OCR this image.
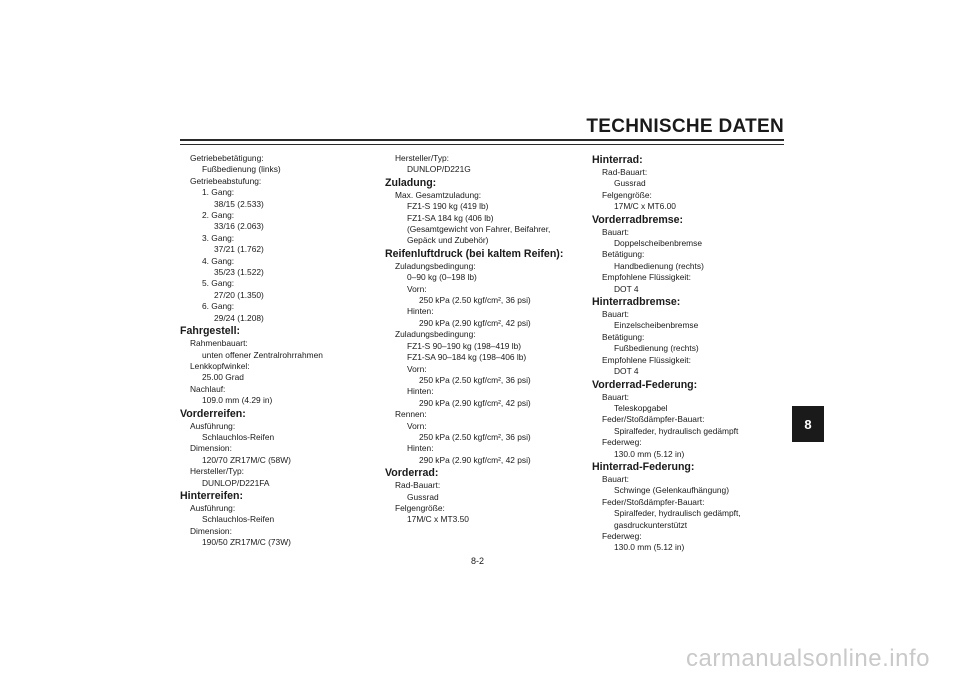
TECHNISCHE DATEN
Getriebebetätigung:
Fußbedienung (links)
Getriebeabstufung:
1. Gang:
38/15 (2.533)
2. Gang:
33/16 (2.063)
3. Gang:
37/21 (1.762)
4. Gang:
35/23 (1.522)
5. Gang:
27/20 (1.350)
6. Gang:
29/24 (1.208)
Fahrgestell:
Rahmenbauart:
unten offener Zentralrohrrahmen
Lenkkopfwinkel:
25.00 Grad
Nachlauf:
109.0 mm (4.29 in)
Vorderreifen:
Ausführung:
Schlauchlos-Reifen
Dimension:
120/70 ZR17M/C (58W)
Hersteller/Typ:
DUNLOP/D221FA
Hinterreifen:
Ausführung:
Schlauchlos-Reifen
Dimension:
190/50 ZR17M/C (73W)
Hersteller/Typ:
DUNLOP/D221G
Zuladung:
Max. Gesamtzuladung:
FZ1-S 190 kg (419 lb)
FZ1-SA 184 kg (406 lb)
(Gesamtgewicht von Fahrer, Beifahrer,
Gepäck und Zubehör)
Reifenluftdruck (bei kaltem Reifen):
Zuladungsbedingung:
0–90 kg (0–198 lb)
Vorn:
250 kPa (2.50 kgf/cm², 36 psi)
Hinten:
290 kPa (2.90 kgf/cm², 42 psi)
Zuladungsbedingung:
FZ1-S 90–190 kg (198–419 lb)
FZ1-SA 90–184 kg (198–406 lb)
Vorn:
250 kPa (2.50 kgf/cm², 36 psi)
Hinten:
290 kPa (2.90 kgf/cm², 42 psi)
Rennen:
Vorn:
250 kPa (2.50 kgf/cm², 36 psi)
Hinten:
290 kPa (2.90 kgf/cm², 42 psi)
Vorderrad:
Rad-Bauart:
Gussrad
Felgengröße:
17M/C x MT3.50
Hinterrad:
Rad-Bauart:
Gussrad
Felgengröße:
17M/C x MT6.00
Vorderradbremse:
Bauart:
Doppelscheibenbremse
Betätigung:
Handbedienung (rechts)
Empfohlene Flüssigkeit:
DOT 4
Hinterradbremse:
Bauart:
Einzelscheibenbremse
Betätigung:
Fußbedienung (rechts)
Empfohlene Flüssigkeit:
DOT 4
Vorderrad-Federung:
Bauart:
Teleskopgabel
Feder/Stoßdämpfer-Bauart:
Spiralfeder, hydraulisch gedämpft
Federweg:
130.0 mm (5.12 in)
Hinterrad-Federung:
Bauart:
Schwinge (Gelenkaufhängung)
Feder/Stoßdämpfer-Bauart:
Spiralfeder, hydraulisch gedämpft,
gasdruckunterstützt
Federweg:
130.0 mm (5.12 in)
8
8-2
carmanualsonline.info
